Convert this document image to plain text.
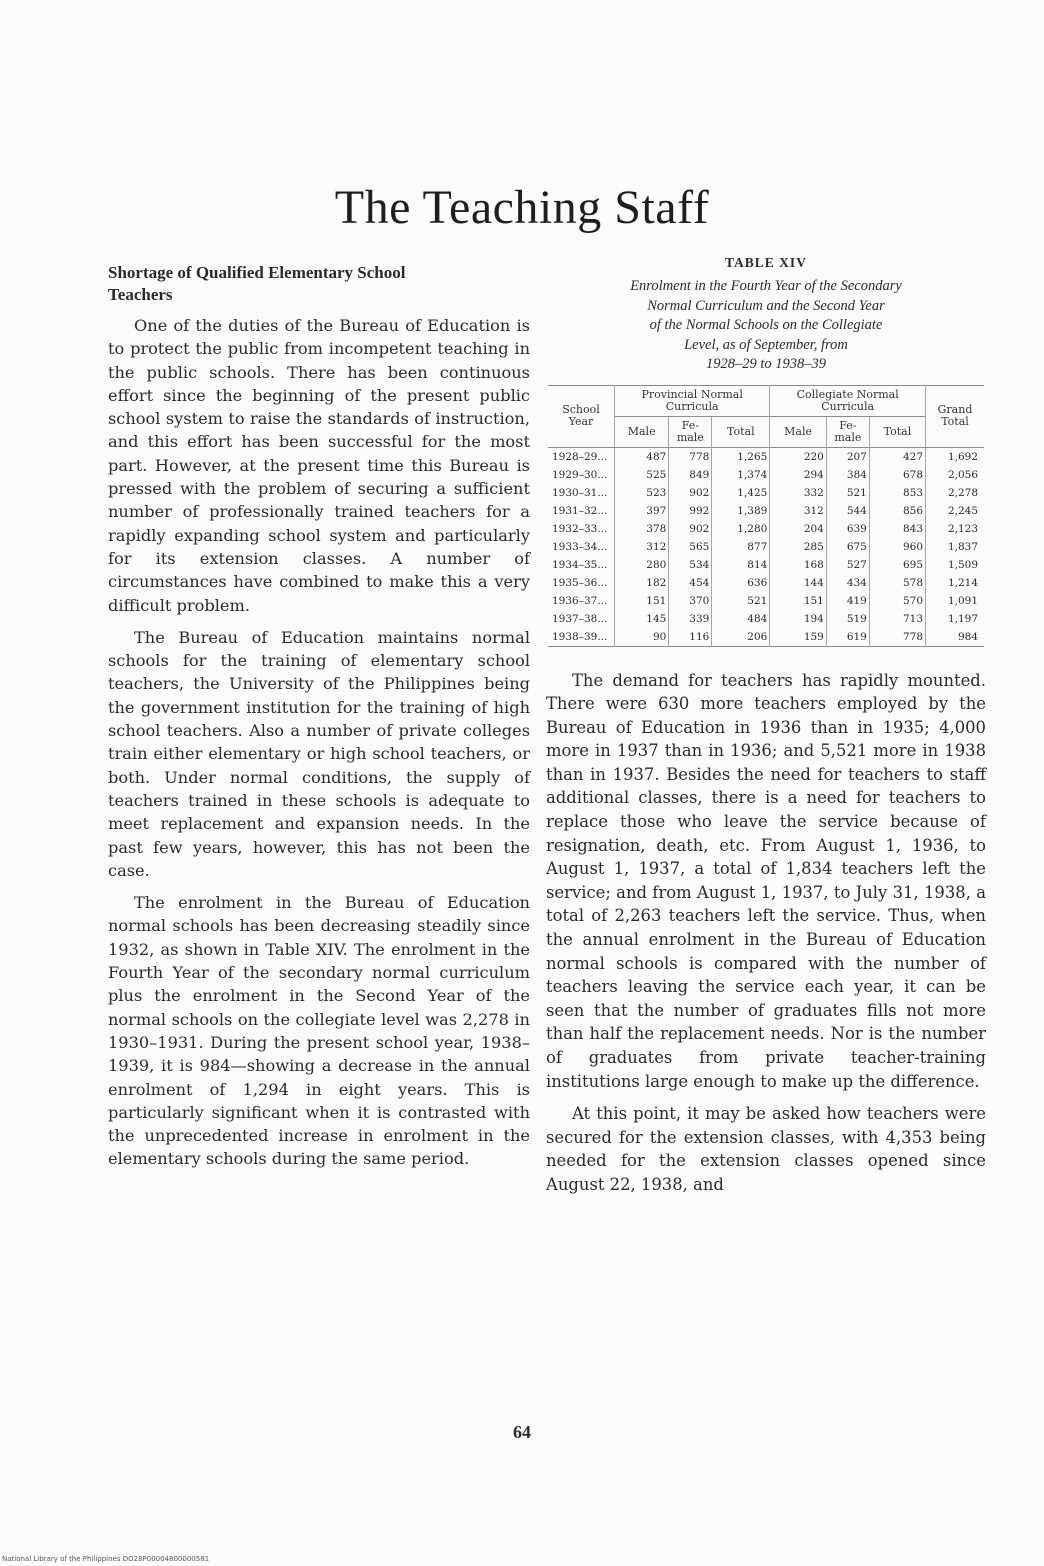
The Teaching Staff
Shortage of Qualified Elementary School
Teachers

One of the duties of the Bureau of Education is to protect the public from incompetent teaching in the public schools. There has been continuous effort since the beginning of the present public school system to raise the standards of instruction, and this effort has been successful for the most part. However, at the present time this Bureau is pressed with the problem of securing a sufficient number of professionally trained teachers for a rapidly expanding school system and particularly for its extension classes. A number of circumstances have combined to make this a very difficult problem.

The Bureau of Education maintains normal schools for the training of elementary school teachers, the University of the Philippines being the government institution for the training of high school teachers. Also a number of private colleges train either elementary or high school teachers, or both. Under normal conditions, the supply of teachers trained in these schools is adequate to meet replacement and expansion needs. In the past few years, however, this has not been the case.

The enrolment in the Bureau of Education normal schools has been decreasing steadily since 1932, as shown in Table XIV. The enrolment in the Fourth Year of the secondary normal curriculum plus the enrolment in the Second Year of the normal schools on the collegiate level was 2,278 in 1930–1931. During the present school year, 1938–1939, it is 984—showing a decrease in the annual enrolment of 1,294 in eight years. This is particularly significant when it is contrasted with the unprecedented increase in enrolment in the elementary schools during the same period.

TABLE XIV

Enrolment in the Fourth Year of the Secondary
Normal Curriculum and the Second Year
of the Normal Schools on the Collegiate
Level, as of September, from
1928–29 to 1938–39

School Year	Provincial Normal Curricula			Collegiate Normal Curricula			Grand Total
	Male	Fe-male	Total	Male	Fe-male	Total	
1928–29...	487	778	1,265	220	207	427	1,692
1929–30...	525	849	1,374	294	384	678	2,056
1930–31...	523	902	1,425	332	521	853	2,278
1931–32...	397	992	1,389	312	544	856	2,245
1932–33...	378	902	1,280	204	639	843	2,123
1933–34...	312	565	877	285	675	960	1,837
1934–35...	280	534	814	168	527	695	1,509
1935–36...	182	454	636	144	434	578	1,214
1936–37...	151	370	521	151	419	570	1,091
1937–38...	145	339	484	194	519	713	1,197
1938–39...	90	116	206	159	619	778	984

The demand for teachers has rapidly mounted. There were 630 more teachers employed by the Bureau of Education in 1936 than in 1935; 4,000 more in 1937 than in 1936; and 5,521 more in 1938 than in 1937. Besides the need for teachers to staff additional classes, there is a need for teachers to replace those who leave the service because of resignation, death, etc. From August 1, 1936, to August 1, 1937, a total of 1,834 teachers left the service; and from August 1, 1937, to July 31, 1938, a total of 2,263 teachers left the service. Thus, when the annual enrolment in the Bureau of Education normal schools is compared with the number of teachers leaving the service each year, it can be seen that the number of graduates fills not more than half the replacement needs. Nor is the number of graduates from private teacher-training institutions large enough to make up the difference.

At this point, it may be asked how teachers were secured for the extension classes, with 4,353 being needed for the extension classes opened since August 22, 1938, and

64

National Library of the Philippines DO28P00004800000581
